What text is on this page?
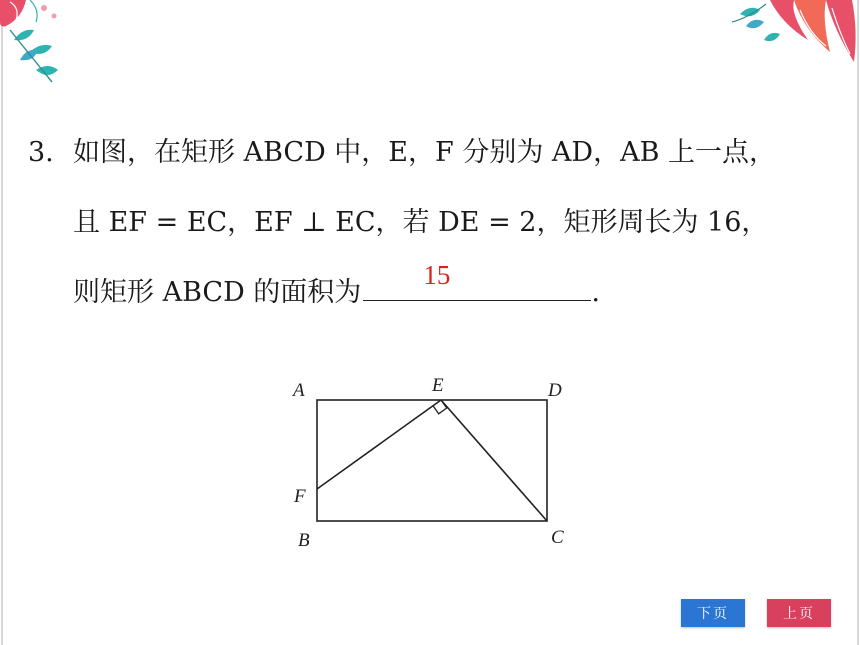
3. 如图，在矩形 ABCD 中，E，F 分别为 AD，AB 上一点，
且 EF = EC，EF ⊥ EC，若 DE = 2，矩形周长为 16，
则矩形 ABCD 的面积为
15
.
A	E	D
F
B	C
下页	上页
